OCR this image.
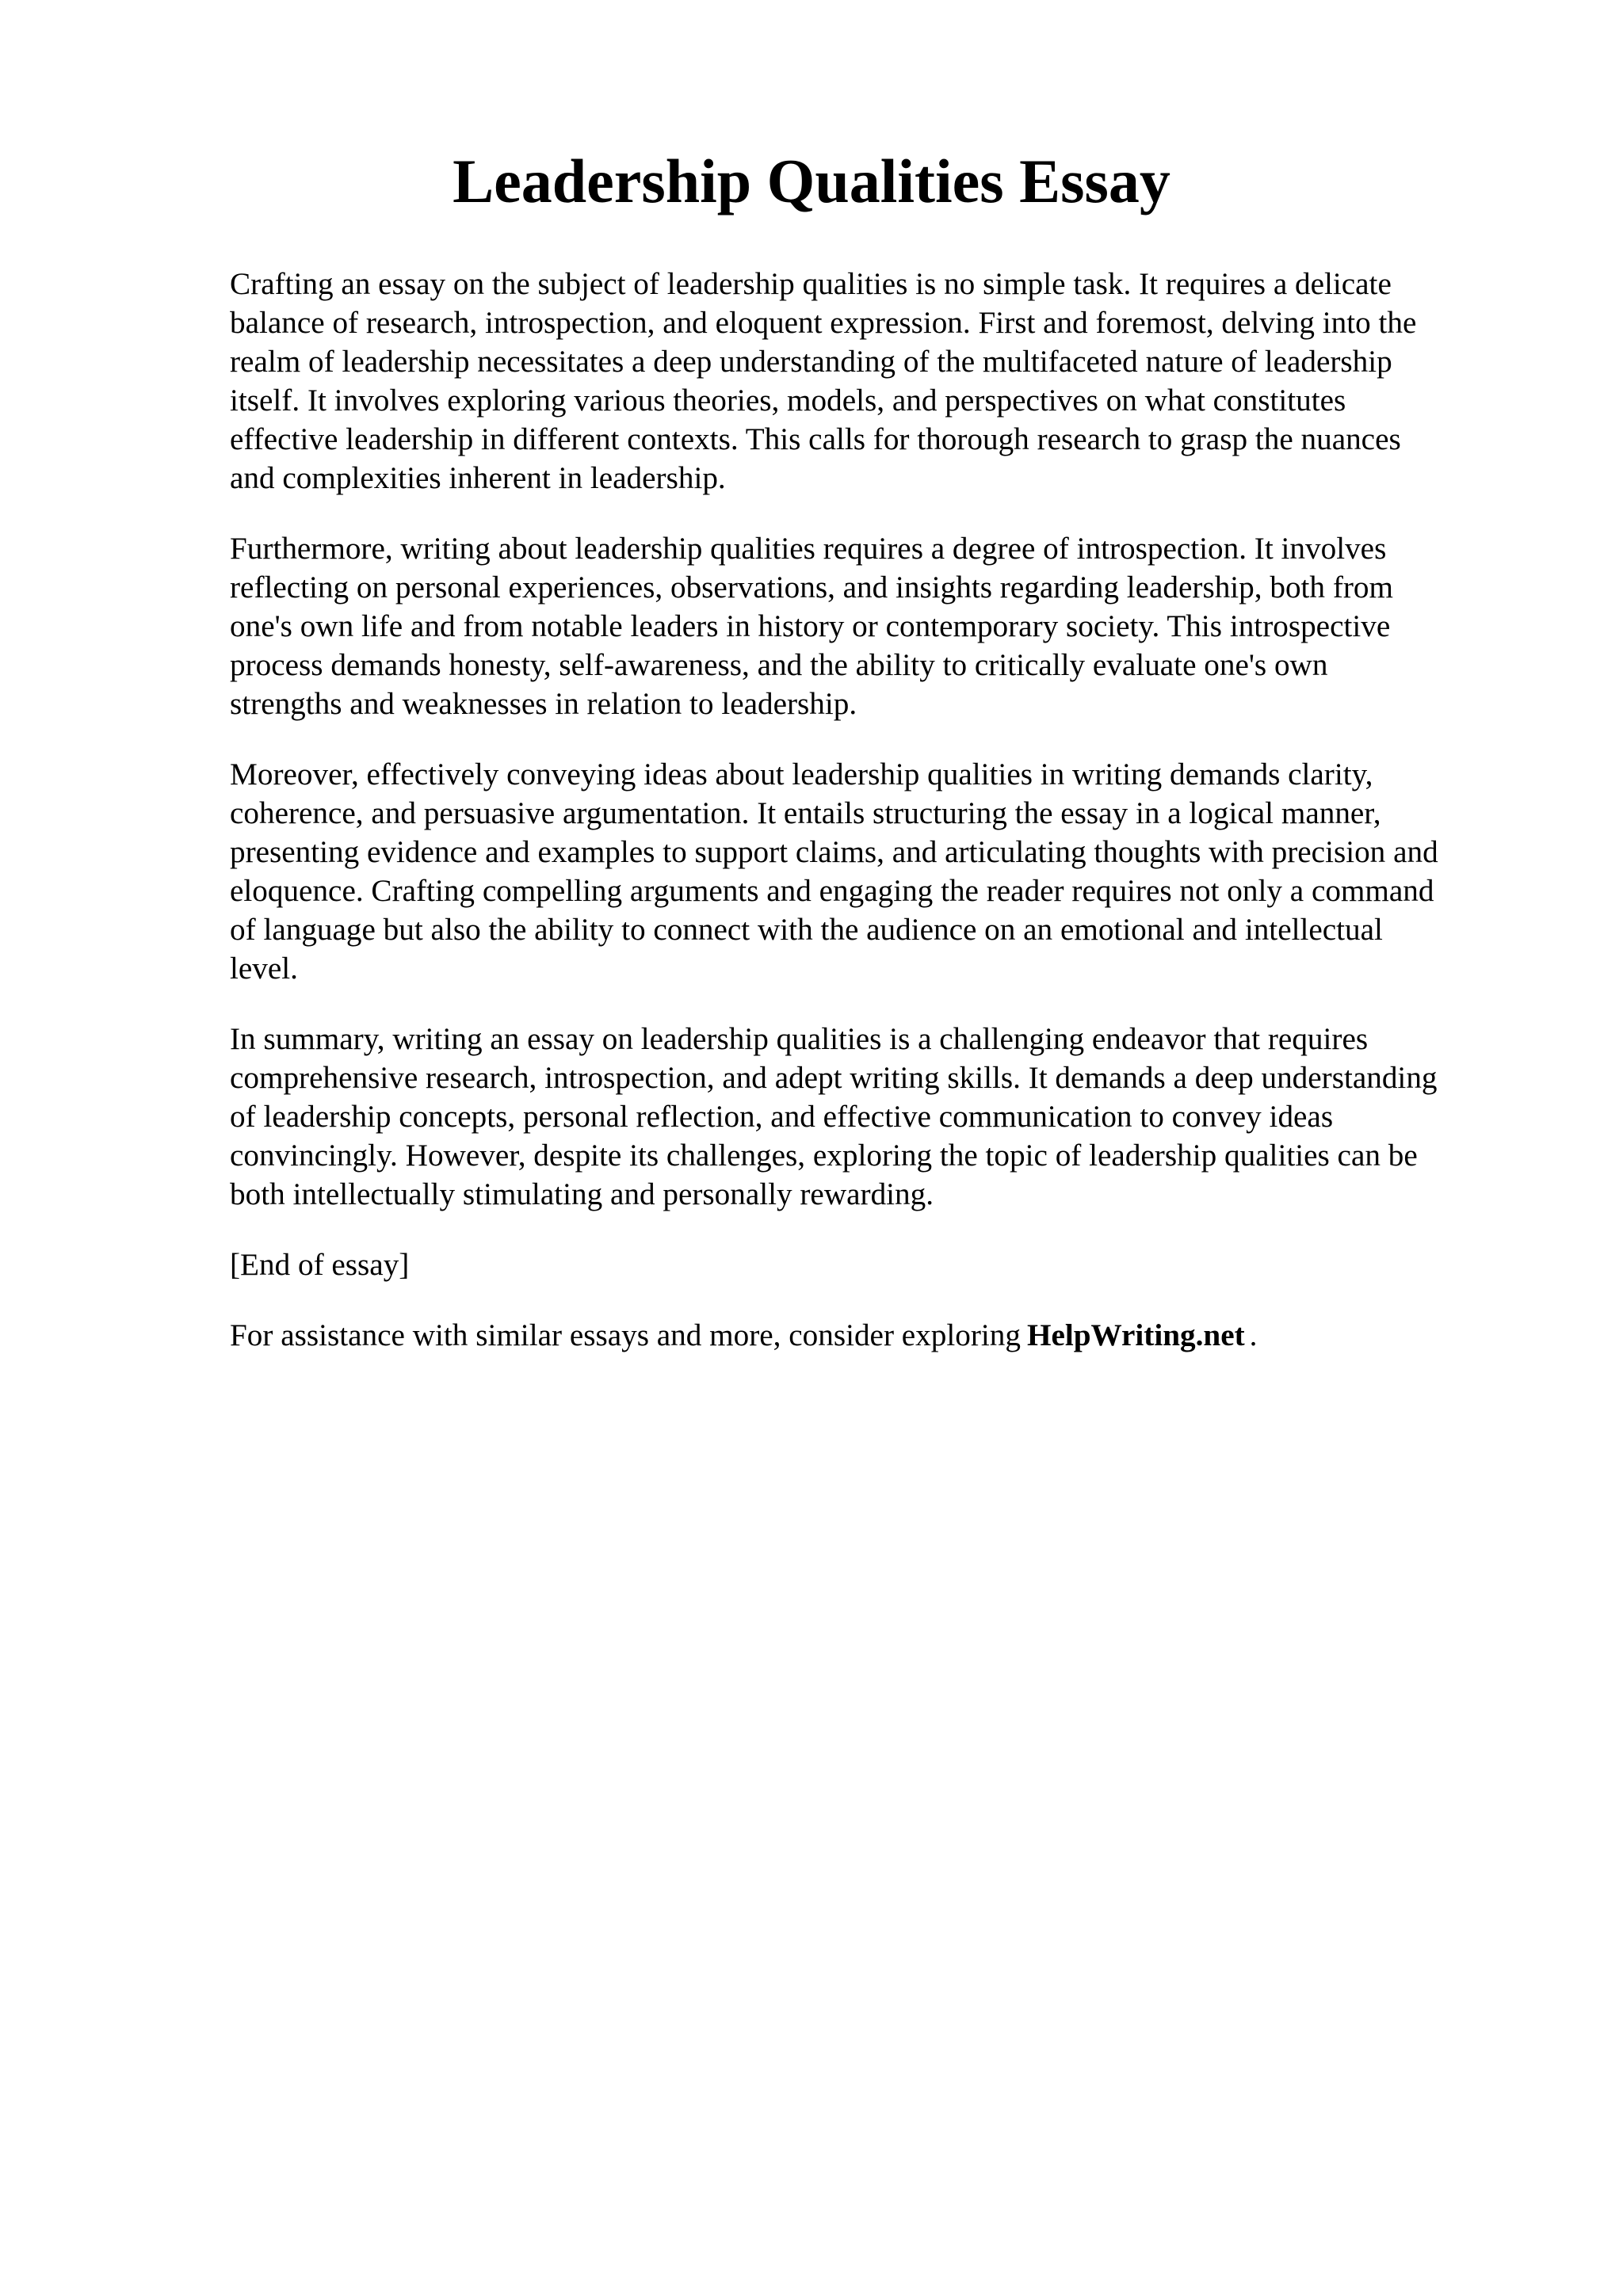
Leadership Qualities Essay

Crafting an essay on the subject of leadership qualities is no simple task. It requires a delicate
balance of research, introspection, and eloquent expression. First and foremost, delving into the
realm of leadership necessitates a deep understanding of the multifaceted nature of leadership
itself. It involves exploring various theories, models, and perspectives on what constitutes
effective leadership in different contexts. This calls for thorough research to grasp the nuances
and complexities inherent in leadership.

Furthermore, writing about leadership qualities requires a degree of introspection. It involves
reflecting on personal experiences, observations, and insights regarding leadership, both from
one's own life and from notable leaders in history or contemporary society. This introspective
process demands honesty, self-awareness, and the ability to critically evaluate one's own
strengths and weaknesses in relation to leadership.

Moreover, effectively conveying ideas about leadership qualities in writing demands clarity,
coherence, and persuasive argumentation. It entails structuring the essay in a logical manner,
presenting evidence and examples to support claims, and articulating thoughts with precision and
eloquence. Crafting compelling arguments and engaging the reader requires not only a command
of language but also the ability to connect with the audience on an emotional and intellectual
level.

In summary, writing an essay on leadership qualities is a challenging endeavor that requires
comprehensive research, introspection, and adept writing skills. It demands a deep understanding
of leadership concepts, personal reflection, and effective communication to convey ideas
convincingly. However, despite its challenges, exploring the topic of leadership qualities can be
both intellectually stimulating and personally rewarding.

[End of essay]

For assistance with similar essays and more, consider exploring HelpWriting.net .
